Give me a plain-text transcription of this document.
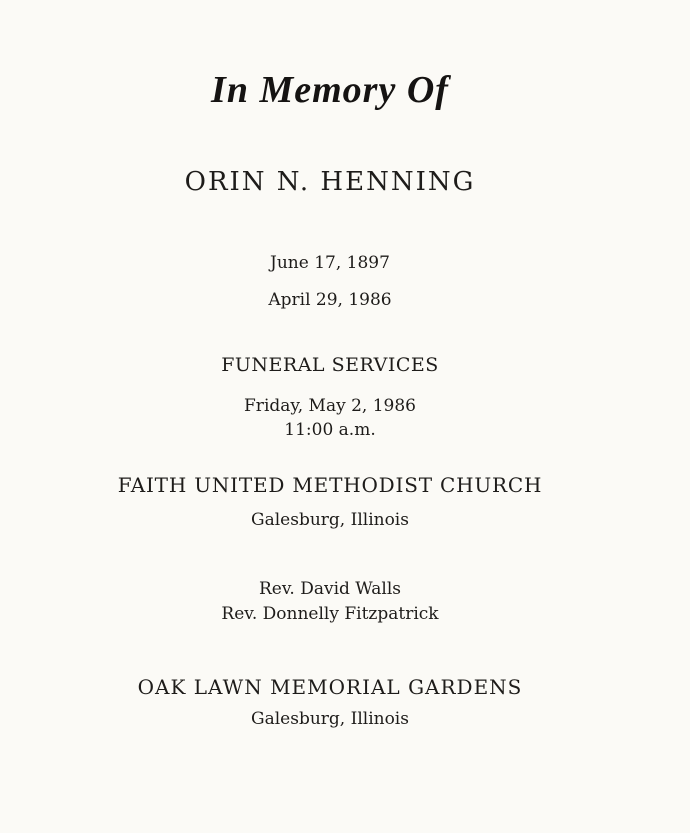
In Memory Of
ORIN N. HENNING
June 17, 1897
April 29, 1986
FUNERAL SERVICES
Friday, May 2, 1986
11:00 a.m.
FAITH UNITED METHODIST CHURCH
Galesburg, Illinois
Rev. David Walls
Rev. Donnelly Fitzpatrick
OAK LAWN MEMORIAL GARDENS
Galesburg, Illinois
